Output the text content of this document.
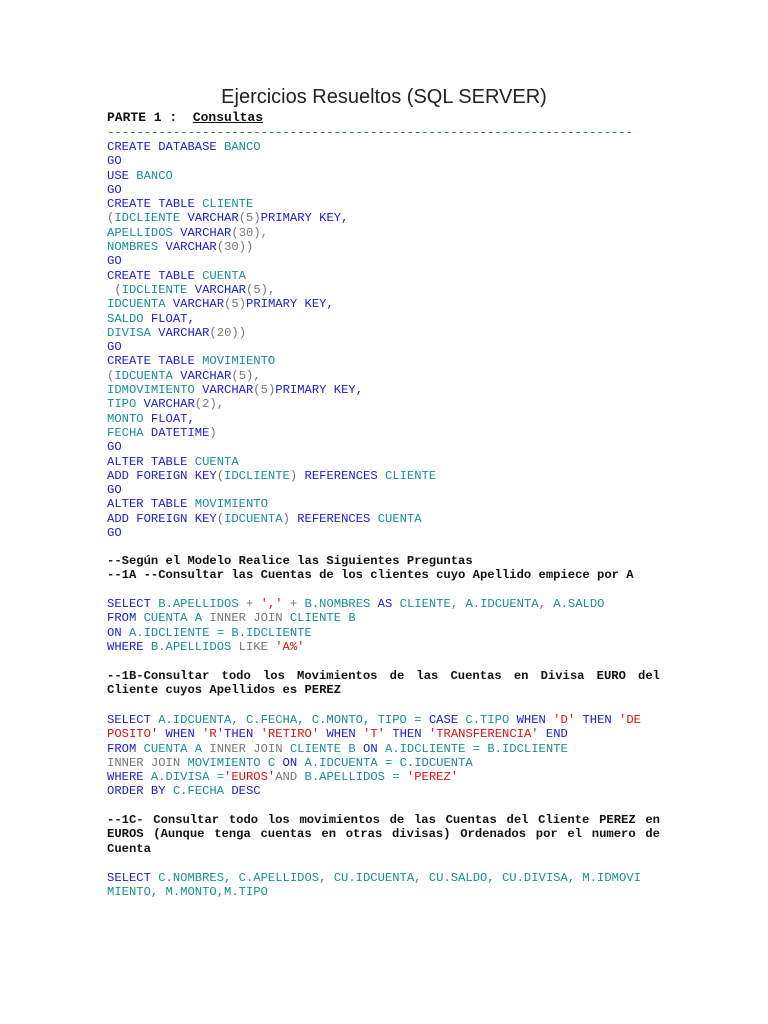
Ejercicios Resueltos (SQL SERVER)
PARTE 1 : Consultas
------------------------------------------------------------------------
CREATE DATABASE BANCO
GO
USE BANCO
GO
CREATE TABLE CLIENTE
(IDCLIENTE VARCHAR(5)PRIMARY KEY,
APELLIDOS VARCHAR(30),
NOMBRES VARCHAR(30))
GO
CREATE TABLE CUENTA
(IDCLIENTE VARCHAR(5),
IDCUENTA VARCHAR(5)PRIMARY KEY,
SALDO FLOAT,
DIVISA VARCHAR(20))
GO
CREATE TABLE MOVIMIENTO
(IDCUENTA VARCHAR(5),
IDMOVIMIENTO VARCHAR(5)PRIMARY KEY,
TIPO VARCHAR(2),
MONTO FLOAT,
FECHA DATETIME)
GO
ALTER TABLE CUENTA
ADD FOREIGN KEY(IDCLIENTE) REFERENCES CLIENTE
GO
ALTER TABLE MOVIMIENTO
ADD FOREIGN KEY(IDCUENTA) REFERENCES CUENTA
GO
--Según el Modelo Realice las Siguientes Preguntas
--1A --Consultar las Cuentas de los clientes cuyo Apellido empiece por A
SELECT B.APELLIDOS + ',' + B.NOMBRES AS CLIENTE, A.IDCUENTA, A.SALDO
FROM CUENTA A INNER JOIN CLIENTE B
ON A.IDCLIENTE = B.IDCLIENTE
WHERE B.APELLIDOS LIKE 'A%'
--1B-Consultar todo los Movimientos de las Cuentas en Divisa EURO del Cliente cuyos Apellidos es PEREZ
SELECT A.IDCUENTA, C.FECHA, C.MONTO, TIPO = CASE C.TIPO WHEN 'D' THEN 'DE
POSITO' WHEN 'R'THEN 'RETIRO' WHEN 'T' THEN 'TRANSFERENCIA' END
FROM CUENTA A INNER JOIN CLIENTE B ON A.IDCLIENTE = B.IDCLIENTE
INNER JOIN MOVIMIENTO C ON A.IDCUENTA = C.IDCUENTA
WHERE A.DIVISA ='EUROS'AND B.APELLIDOS = 'PEREZ'
ORDER BY C.FECHA DESC
--1C- Consultar todo los movimientos de las Cuentas del Cliente PEREZ en EUROS (Aunque tenga cuentas en otras divisas) Ordenados por el numero de Cuenta
SELECT C.NOMBRES, C.APELLIDOS, CU.IDCUENTA, CU.SALDO, CU.DIVISA, M.IDMOVI
MIENTO, M.MONTO,M.TIPO
